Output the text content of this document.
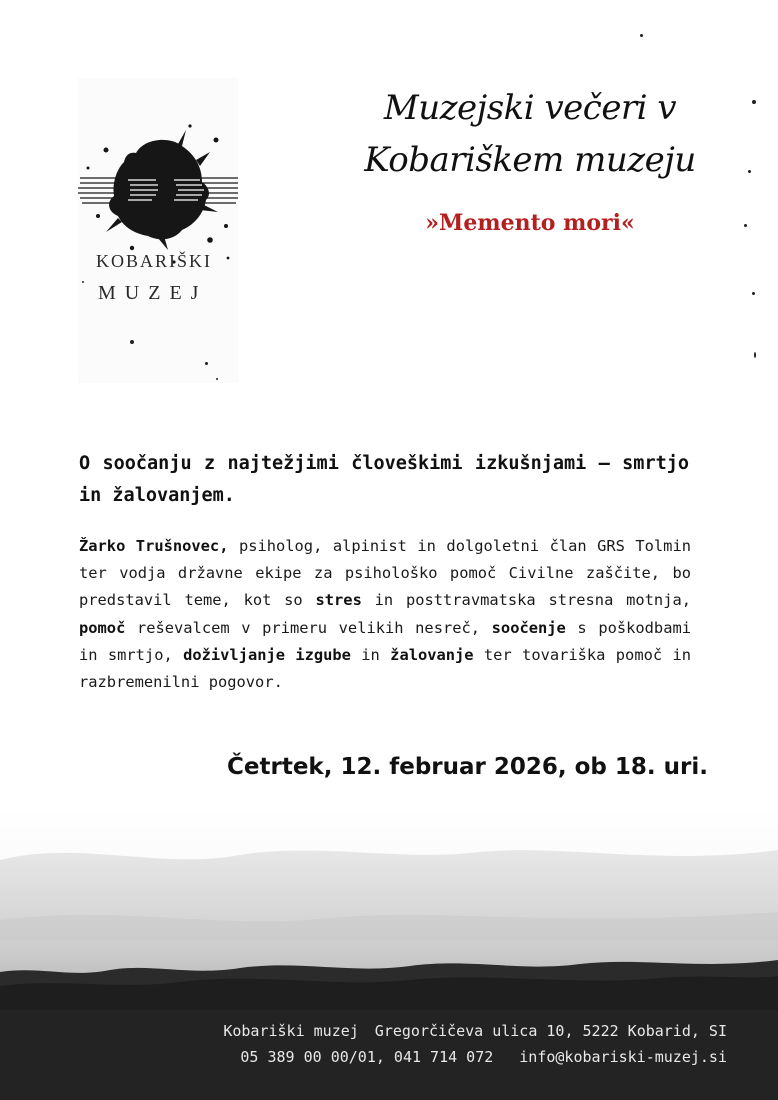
KOBARIŠKI
MUZEJ
Muzejski večeri v
Kobariškem muzeju
»Memento mori«
O soočanju z najtežjimi človeškimi izkušnjami – smrtjo in žalovanjem.
Žarko Trušnovec, psiholog, alpinist in dolgoletni član GRS Tolmin ter vodja državne ekipe za psihološko pomoč Civilne zaščite, bo predstavil teme, kot so stres in posttravmatska stresna motnja, pomoč reševalcem v primeru velikih nesreč, soočenje s poškodbami in smrtjo, doživljanje izgube in žalovanje ter tovariška pomoč in razbremenilni pogovor.
Četrtek, 12. februar 2026, ob 18. uri.
Kobariški muzej Gregorčičeva ulica 10, 5222 Kobarid, SI
05 389 00 00/01, 041 714 072 info@kobariski-muzej.si
